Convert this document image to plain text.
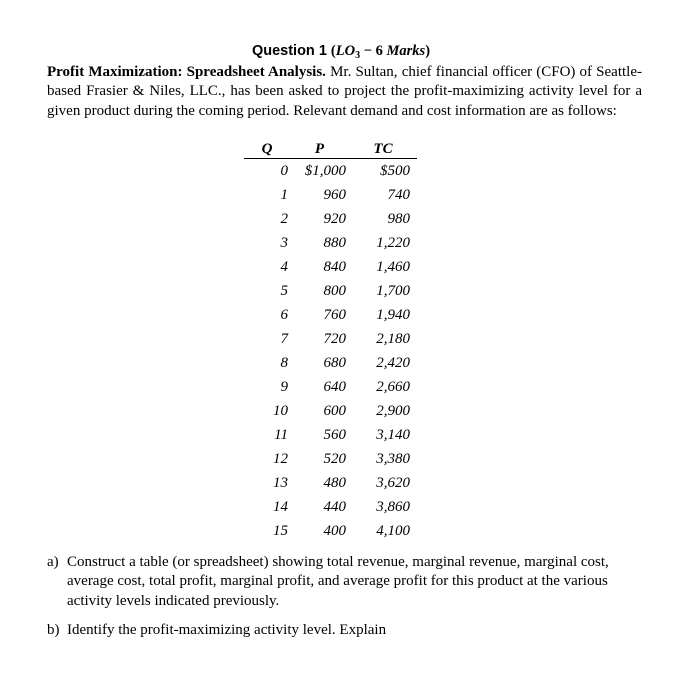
Question 1 ($LO_3 - 6$ Marks)
Profit Maximization: Spreadsheet Analysis. Mr. Sultan, chief financial officer (CFO) of Seattle-based Frasier & Niles, LLC., has been asked to project the profit-maximizing activity level for a given product during the coming period. Relevant demand and cost information are as follows:
Q	P	TC
0	$1,000	$500
1	960	740
2	920	980
3	880	1,220
4	840	1,460
5	800	1,700
6	760	1,940
7	720	2,180
8	680	2,420
9	640	2,660
10	600	2,900
11	560	3,140
12	520	3,380
13	480	3,620
14	440	3,860
15	400	4,100
a) Construct a table (or spreadsheet) showing total revenue, marginal revenue, marginal cost, average cost, total profit, marginal profit, and average profit for this product at the various activity levels indicated previously.
b) Identify the profit-maximizing activity level. Explain
